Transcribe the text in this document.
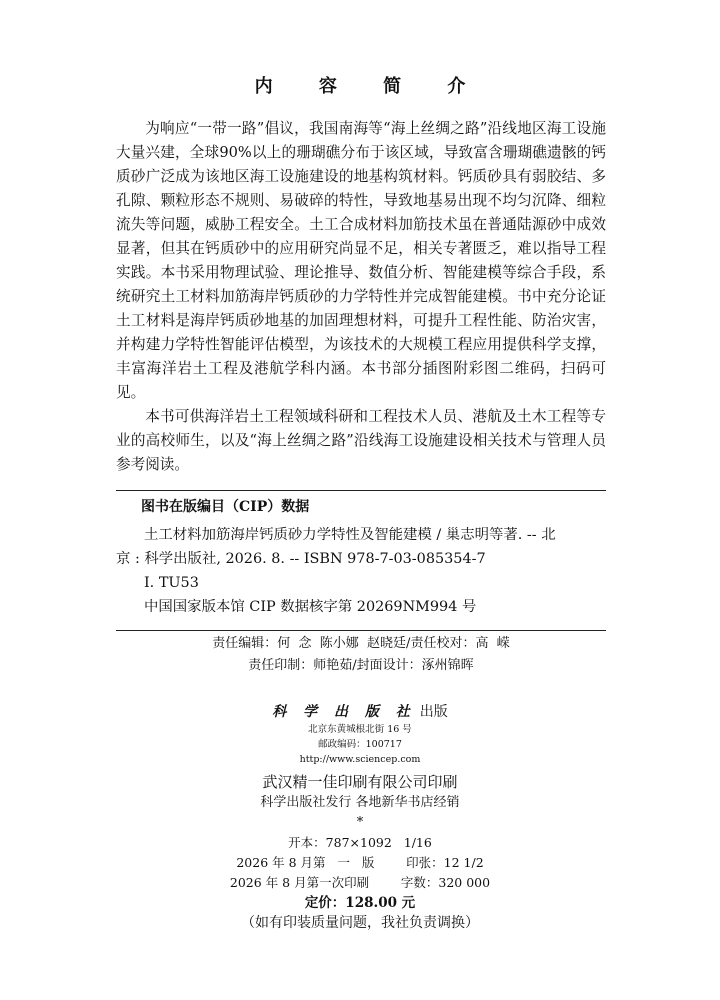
内 容 简 介

为响应“一带一路”倡议，我国南海等“海上丝绸之路”沿线地区海工设施大量兴建，全球90%以上的珊瑚礁分布于该区域，导致富含珊瑚礁遗骸的钙质砂广泛成为该地区海工设施建设的地基构筑材料。钙质砂具有弱胶结、多孔隙、颗粒形态不规则、易破碎的特性，导致地基易出现不均匀沉降、细粒流失等问题，威胁工程安全。土工合成材料加筋技术虽在普通陆源砂中成效显著，但其在钙质砂中的应用研究尚显不足，相关专著匮乏，难以指导工程实践。本书采用物理试验、理论推导、数值分析、智能建模等综合手段，系统研究土工材料加筋海岸钙质砂的力学特性并完成智能建模。书中充分论证土工材料是海岸钙质砂地基的加固理想材料，可提升工程性能、防治灾害，并构建力学特性智能评估模型，为该技术的大规模工程应用提供科学支撑，丰富海洋岩土工程及港航学科内涵。本书部分插图附彩图二维码，扫码可见。

本书可供海洋岩土工程领域科研和工程技术人员、港航及土木工程等专业的高校师生，以及“海上丝绸之路”沿线海工设施建设相关技术与管理人员参考阅读。

图书在版编目（CIP）数据
土工材料加筋海岸钙质砂力学特性及智能建模 / 巢志明等著. -- 北
京 : 科学出版社, 2026. 8. -- ISBN 978-7-03-085354-7
I. TU53
中国国家版本馆 CIP 数据核字第 20269NM994 号
责任编辑：何  念  陈小娜  赵晓廷/责任校对：高  嵘
责任印制：师艳茹/封面设计：涿州锦晖
科 学 出 版 社 出版
北京东黄城根北街 16 号
邮政编码：100717
http://www.sciencep.com
武汉精一佳印刷有限公司印刷
科学出版社发行 各地新华书店经销
*
开本：787×1092   1/16
2026 年 8 月第   一   版        印张：12 1/2
2026 年 8 月第一次印刷        字数：320 000
定价：128.00 元
（如有印装质量问题，我社负责调换）
